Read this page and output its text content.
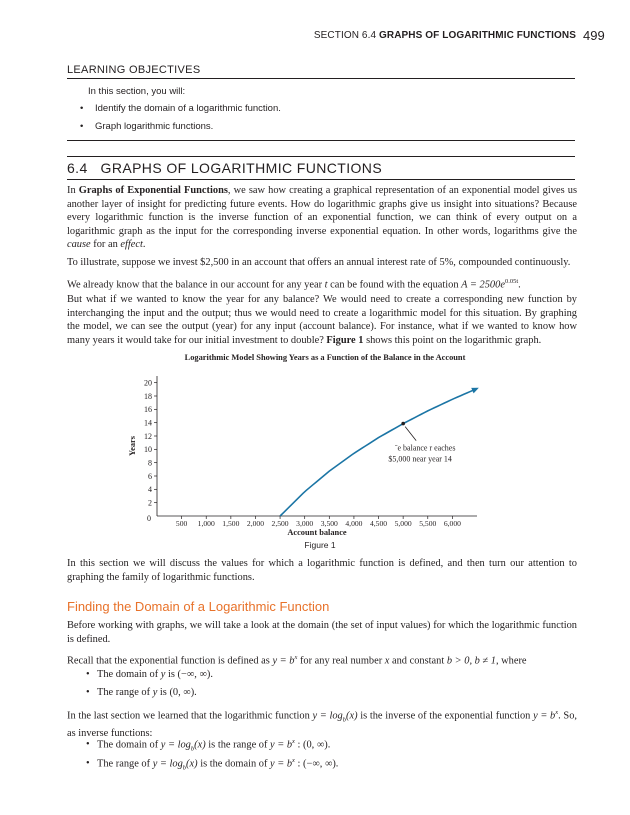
SECTION 6.4 GRAPHS OF LOGARITHMIC FUNCTIONS 499
LEARNING OBJECTIVES
In this section, you will:
• Identify the domain of a logarithmic function.
• Graph logarithmic functions.
6.4   GRAPHS OF LOGARITHMIC FUNCTIONS

In Graphs of Exponential Functions, we saw how creating a graphical representation of an exponential model gives us another layer of insight for predicting future events. How do logarithmic graphs give us insight into situations? Because every logarithmic function is the inverse function of an exponential function, we can think of every output on a logarithmic graph as the input for the corresponding inverse exponential equation. In other words, logarithms give the cause for an effect.

To illustrate, suppose we invest $2,500 in an account that offers an annual interest rate of 5%, compounded continuously.

We already know that the balance in our account for any year t can be found with the equation $A = 2500e^{0.05t}$.

But what if we wanted to know the year for any balance? We would need to create a corresponding new function by interchanging the input and the output; thus we would need to create a logarithmic model for this situation. By graphing the model, we can see the output (year) for any input (account balance). For instance, what if we wanted to know how many years it would take for our initial investment to double? Figure 1 shows this point on the logarithmic graph.

Logarithmic Model Showing Years as a Function of the Balance in the Account
2
4
6
8
10
12
14
16
18
20
500 1,000 1,500 2,000 2,500 3,000 3,500 4,000 4,500 5,000 5,500 6,000
0
Account balance
Years	ˉe balance r eaches
$5,000 near year 14
Figure 1

In this section we will discuss the values for which a logarithmic function is defined, and then turn our attention to graphing the family of logarithmic functions.

Finding the Domain of a Logarithmic Function

Before working with graphs, we will take a look at the domain (the set of input values) for which the logarithmic function is defined.

Recall that the exponential function is defined as $y = b^x$ for any real number x and constant b > 0, b ≠ 1, where

• The domain of y is (−∞, ∞).
• The range of y is (0, ∞).

In the last section we learned that the logarithmic function $y = \log_b(x)$ is the inverse of the exponential function $y = b^x$. So, as inverse functions:

• The domain of $y = \log_b(x)$ is the range of $y = b^x$ : (0, ∞).
• The range of $y = \log_b(x)$ is the domain of $y = b^x$ : (−∞, ∞).
